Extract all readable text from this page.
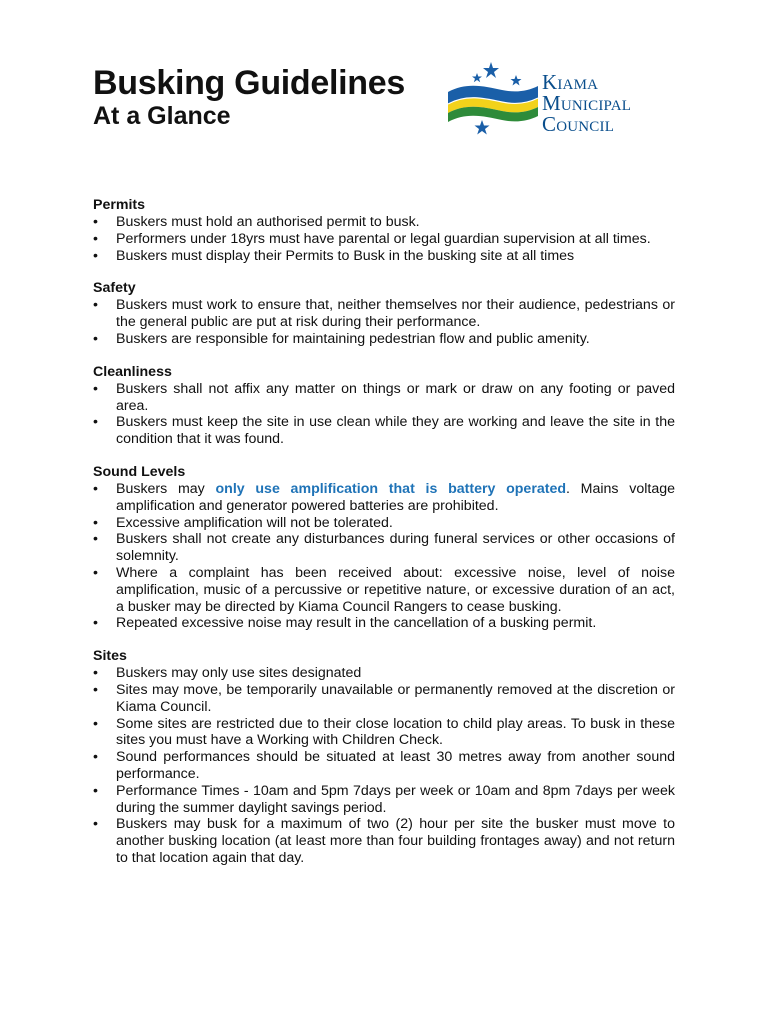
Busking Guidelines
At a Glance
Kiama
Municipal
Council
Permits
•	Buskers must hold an authorised permit to busk.
•	Performers under 18yrs must have parental or legal guardian supervision at all times.
•	Buskers must display their Permits to Busk in the busking site at all times
Safety
•	Buskers must work to ensure that, neither themselves nor their audience, pedestrians or the general public are put at risk during their performance.
•	Buskers are responsible for maintaining pedestrian flow and public amenity.
Cleanliness
•	Buskers shall not affix any matter on things or mark or draw on any footing or paved area.
•	Buskers must keep the site in use clean while they are working and leave the site in the condition that it was found.
Sound Levels
•	Buskers may only use amplification that is battery operated. Mains voltage amplification and generator powered batteries are prohibited.
•	Excessive amplification will not be tolerated.
•	Buskers shall not create any disturbances during funeral services or other occasions of solemnity.
•	Where a complaint has been received about: excessive noise, level of noise amplification, music of a percussive or repetitive nature, or excessive duration of an act, a busker may be directed by Kiama Council Rangers to cease busking.
•	Repeated excessive noise may result in the cancellation of a busking permit.
Sites
•	Buskers may only use sites designated
•	Sites may move, be temporarily unavailable or permanently removed at the discretion or Kiama Council.
•	Some sites are restricted due to their close location to child play areas. To busk in these sites you must have a Working with Children Check.
•	Sound performances should be situated at least 30 metres away from another sound performance.
•	Performance Times - 10am and 5pm 7days per week or 10am and 8pm 7days per week during the summer daylight savings period.
•	Buskers may busk for a maximum of two (2) hour per site the busker must move to another busking location (at least more than four building frontages away) and not return to that location again that day.
